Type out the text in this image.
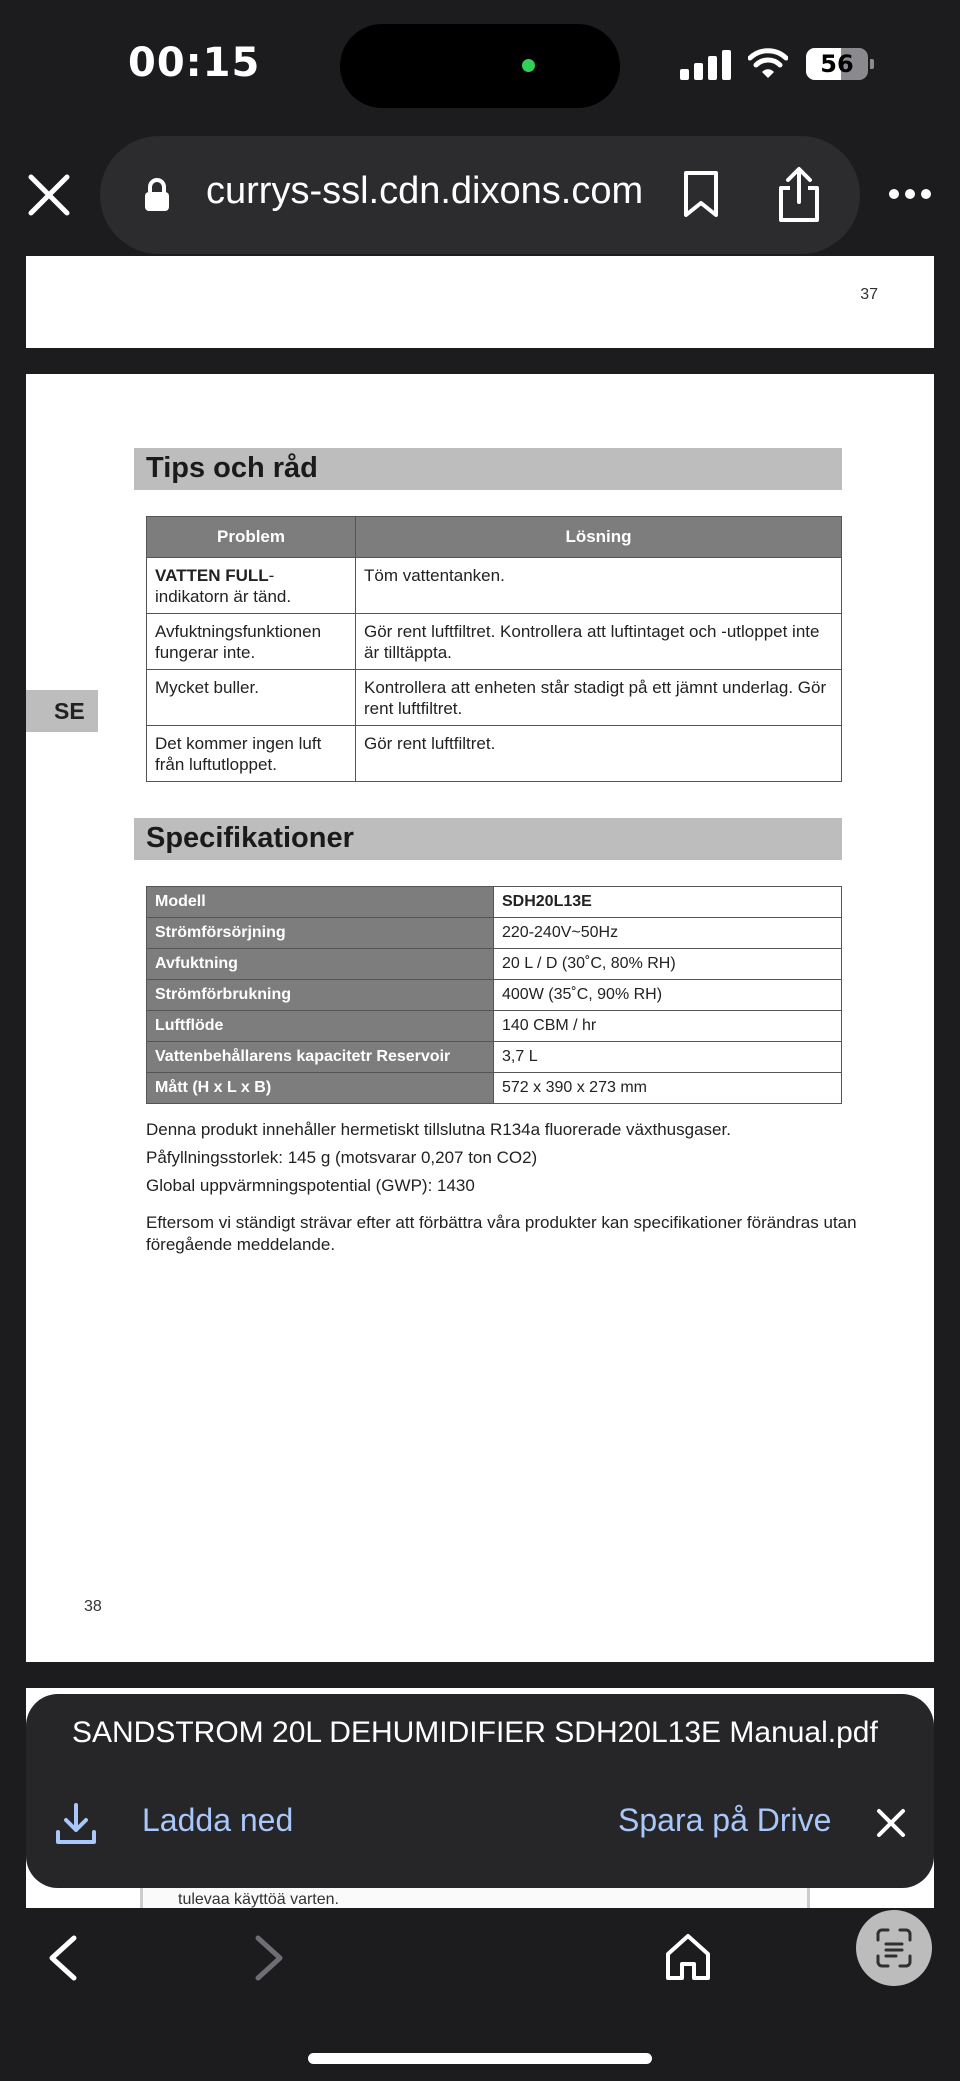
00:15	56
currys-ssl.cdn.dixons.com
37
Tips och råd
Problem	Lösning
VATTEN FULL-
indikatorn är tänd.	Töm vattentanken.
Avfuktningsfunktionen fungerar inte.	Gör rent luftfiltret. Kontrollera att luftintaget och -utloppet inte är tilltäppta.
Mycket buller.	Kontrollera att enheten står stadigt på ett jämnt underlag. Gör rent luftfiltret.
Det kommer ingen luft från luftutloppet.	Gör rent luftfiltret.
SE
Specifikationer
Modell	SDH20L13E
Strömförsörjning	220-240V~50Hz
Avfuktning	20 L / D (30˚C, 80% RH)
Strömförbrukning	400W (35˚C, 90% RH)
Luftflöde	140 CBM / hr
Vattenbehållarens kapacitetr Reservoir	3,7 L
Mått (H x L x B)	572 x 390 x 273 mm
Denna produkt innehåller hermetiskt tillslutna R134a fluorerade växthusgaser.
Påfyllningsstorlek: 145 g (motsvarar 0,207 ton CO2)
Global uppvärmningspotential (GWP): 1430
Eftersom vi ständigt strävar efter att förbättra våra produkter kan specifikationer förändras utan föregående meddelande.
38
tulevaa käyttöä varten.
SANDSTROM 20L DEHUMIDIFIER SDH20L13E Manual.pdf
Ladda ned	Spara på Drive
